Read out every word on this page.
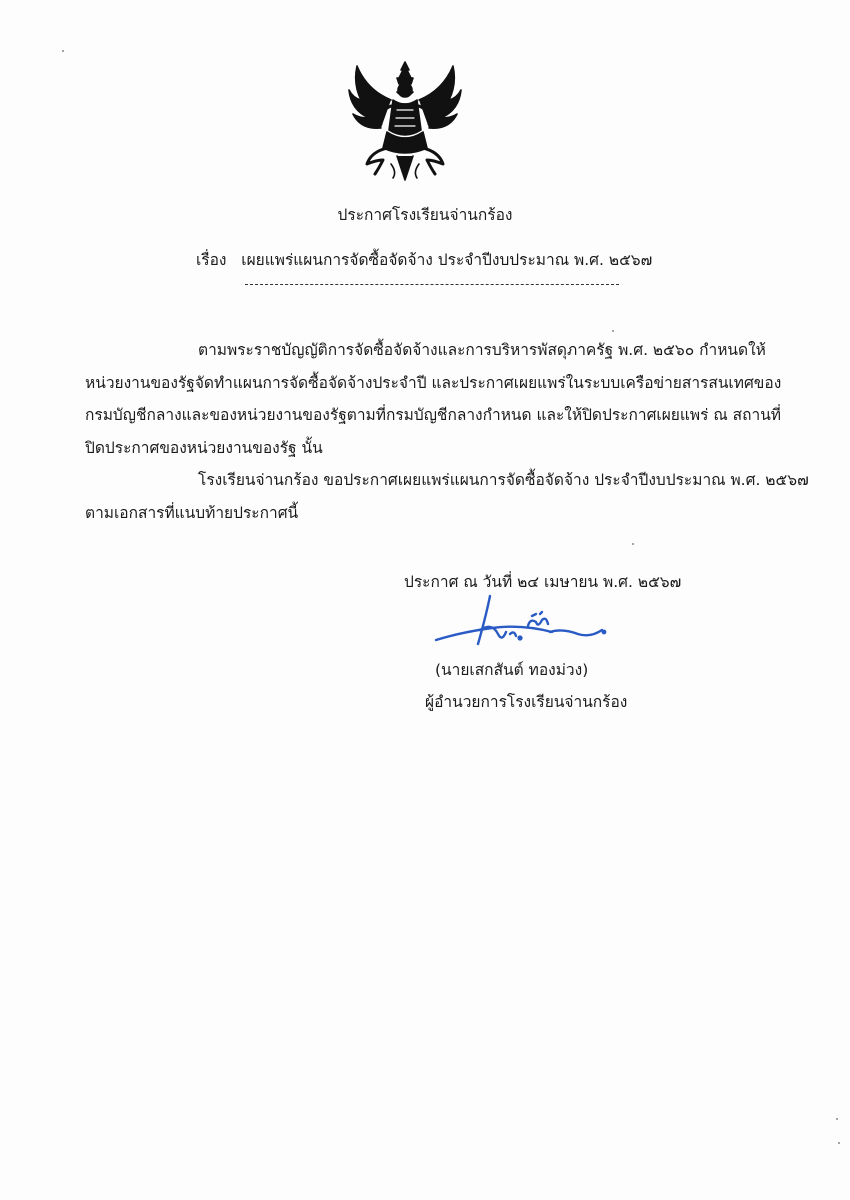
ประกาศโรงเรียนจ่านกร้อง
เรื่อง เผยแพร่แผนการจัดซื้อจัดจ้าง ประจำปีงบประมาณ พ.ศ. ๒๕๖๗
ตามพระราชบัญญัติการจัดซื้อจัดจ้างและการบริหารพัสดุภาครัฐ พ.ศ. ๒๕๖๐ กำหนดให้
หน่วยงานของรัฐจัดทำแผนการจัดซื้อจัดจ้างประจำปี และประกาศเผยแพร่ในระบบเครือข่ายสารสนเทศของ
กรมบัญชีกลางและของหน่วยงานของรัฐตามที่กรมบัญชีกลางกำหนด และให้ปิดประกาศเผยแพร่ ณ สถานที่
ปิดประกาศของหน่วยงานของรัฐ นั้น
โรงเรียนจ่านกร้อง ขอประกาศเผยแพร่แผนการจัดซื้อจัดจ้าง ประจำปีงบประมาณ พ.ศ. ๒๕๖๗
ตามเอกสารที่แนบท้ายประกาศนี้
ประกาศ ณ วันที่ ๒๔ เมษายน พ.ศ. ๒๕๖๗
(นายเสกสันต์ ทองม่วง)
ผู้อำนวยการโรงเรียนจ่านกร้อง
